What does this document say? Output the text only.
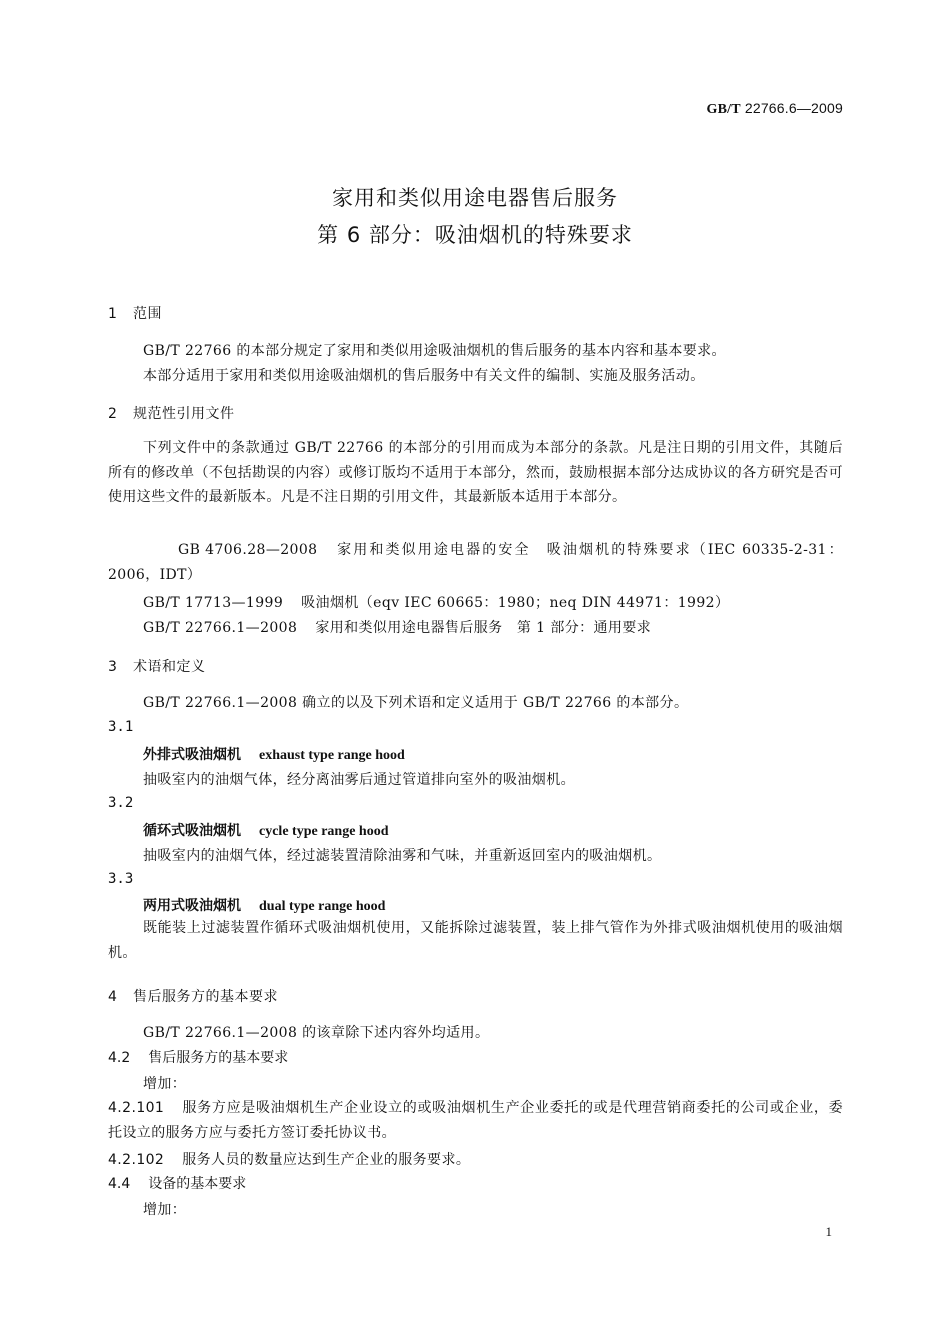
GB/T 22766.6—2009
家用和类似用途电器售后服务
第 6 部分：吸油烟机的特殊要求
1 范围
GB/T 22766 的本部分规定了家用和类似用途吸油烟机的售后服务的基本内容和基本要求。
本部分适用于家用和类似用途吸油烟机的售后服务中有关文件的编制、实施及服务活动。
2 规范性引用文件
下列文件中的条款通过 GB/T 22766 的本部分的引用而成为本部分的条款。凡是注日期的引用文件，其随后所有的修改单（不包括勘误的内容）或修订版均不适用于本部分，然而，鼓励根据本部分达成协议的各方研究是否可使用这些文件的最新版本。凡是不注日期的引用文件，其最新版本适用于本部分。
GB 4706.28—2008 家用和类似用途电器的安全　吸油烟机的特殊要求（IEC 60335-2-31：2006，IDT）
GB/T 17713—1999 吸油烟机（eqv IEC 60665：1980；neq DIN 44971：1992）
GB/T 22766.1—2008 家用和类似用途电器售后服务　第 1 部分：通用要求
3 术语和定义
GB/T 22766.1—2008 确立的以及下列术语和定义适用于 GB/T 22766 的本部分。
3.1
外排式吸油烟机 exhaust type range hood
抽吸室内的油烟气体，经分离油雾后通过管道排向室外的吸油烟机。
3.2
循环式吸油烟机 cycle type range hood
抽吸室内的油烟气体，经过滤装置清除油雾和气味，并重新返回室内的吸油烟机。
3.3
两用式吸油烟机 dual type range hood
既能装上过滤装置作循环式吸油烟机使用，又能拆除过滤装置，装上排气管作为外排式吸油烟机使用的吸油烟机。
4 售后服务方的基本要求
GB/T 22766.1—2008 的该章除下述内容外均适用。
4.2 售后服务方的基本要求
增加：
4.2.101 服务方应是吸油烟机生产企业设立的或吸油烟机生产企业委托的或是代理营销商委托的公司或企业，委托设立的服务方应与委托方签订委托协议书。
4.2.102 服务人员的数量应达到生产企业的服务要求。
4.4 设备的基本要求
增加：
1
